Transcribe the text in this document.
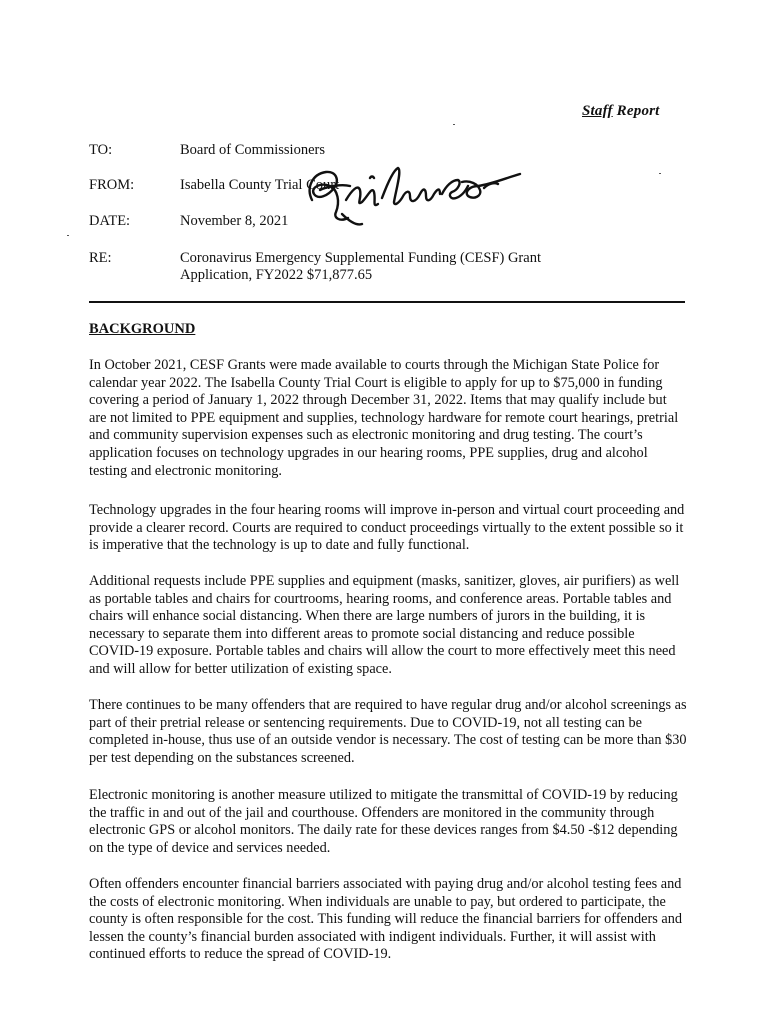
Staff Report
TO:	Board of Commissioners
FROM:	Isabella County Trial Court
DATE:	November 8, 2021
RE:	Coronavirus Emergency Supplemental Funding (CESF) Grant
Application, FY2022 $71,877.65
BACKGROUND

In October 2021, CESF Grants were made available to courts through the Michigan State Police for calendar year 2022. The Isabella County Trial Court is eligible to apply for up to $75,000 in funding covering a period of January 1, 2022 through December 31, 2022. Items that may qualify include but are not limited to PPE equipment and supplies, technology hardware for remote court hearings, pretrial and community supervision expenses such as electronic monitoring and drug testing. The court’s application focuses on technology upgrades in our hearing rooms, PPE supplies, drug and alcohol testing and electronic monitoring.

Technology upgrades in the four hearing rooms will improve in-person and virtual court proceeding and provide a clearer record. Courts are required to conduct proceedings virtually to the extent possible so it is imperative that the technology is up to date and fully functional.

Additional requests include PPE supplies and equipment (masks, sanitizer, gloves, air purifiers) as well as portable tables and chairs for courtrooms, hearing rooms, and conference areas. Portable tables and chairs will enhance social distancing. When there are large numbers of jurors in the building, it is necessary to separate them into different areas to promote social distancing and reduce possible COVID-19 exposure. Portable tables and chairs will allow the court to more effectively meet this need and will allow for better utilization of existing space.

There continues to be many offenders that are required to have regular drug and/or alcohol screenings as part of their pretrial release or sentencing requirements. Due to COVID-19, not all testing can be completed in-house, thus use of an outside vendor is necessary. The cost of testing can be more than $30 per test depending on the substances screened.

Electronic monitoring is another measure utilized to mitigate the transmittal of COVID-19 by reducing the traffic in and out of the jail and courthouse. Offenders are monitored in the community through electronic GPS or alcohol monitors. The daily rate for these devices ranges from $4.50 -$12 depending on the type of device and services needed.

Often offenders encounter financial barriers associated with paying drug and/or alcohol testing fees and the costs of electronic monitoring. When individuals are unable to pay, but ordered to participate, the county is often responsible for the cost. This funding will reduce the financial barriers for offenders and lessen the county’s financial burden associated with indigent individuals. Further, it will assist with continued efforts to reduce the spread of COVID-19.
